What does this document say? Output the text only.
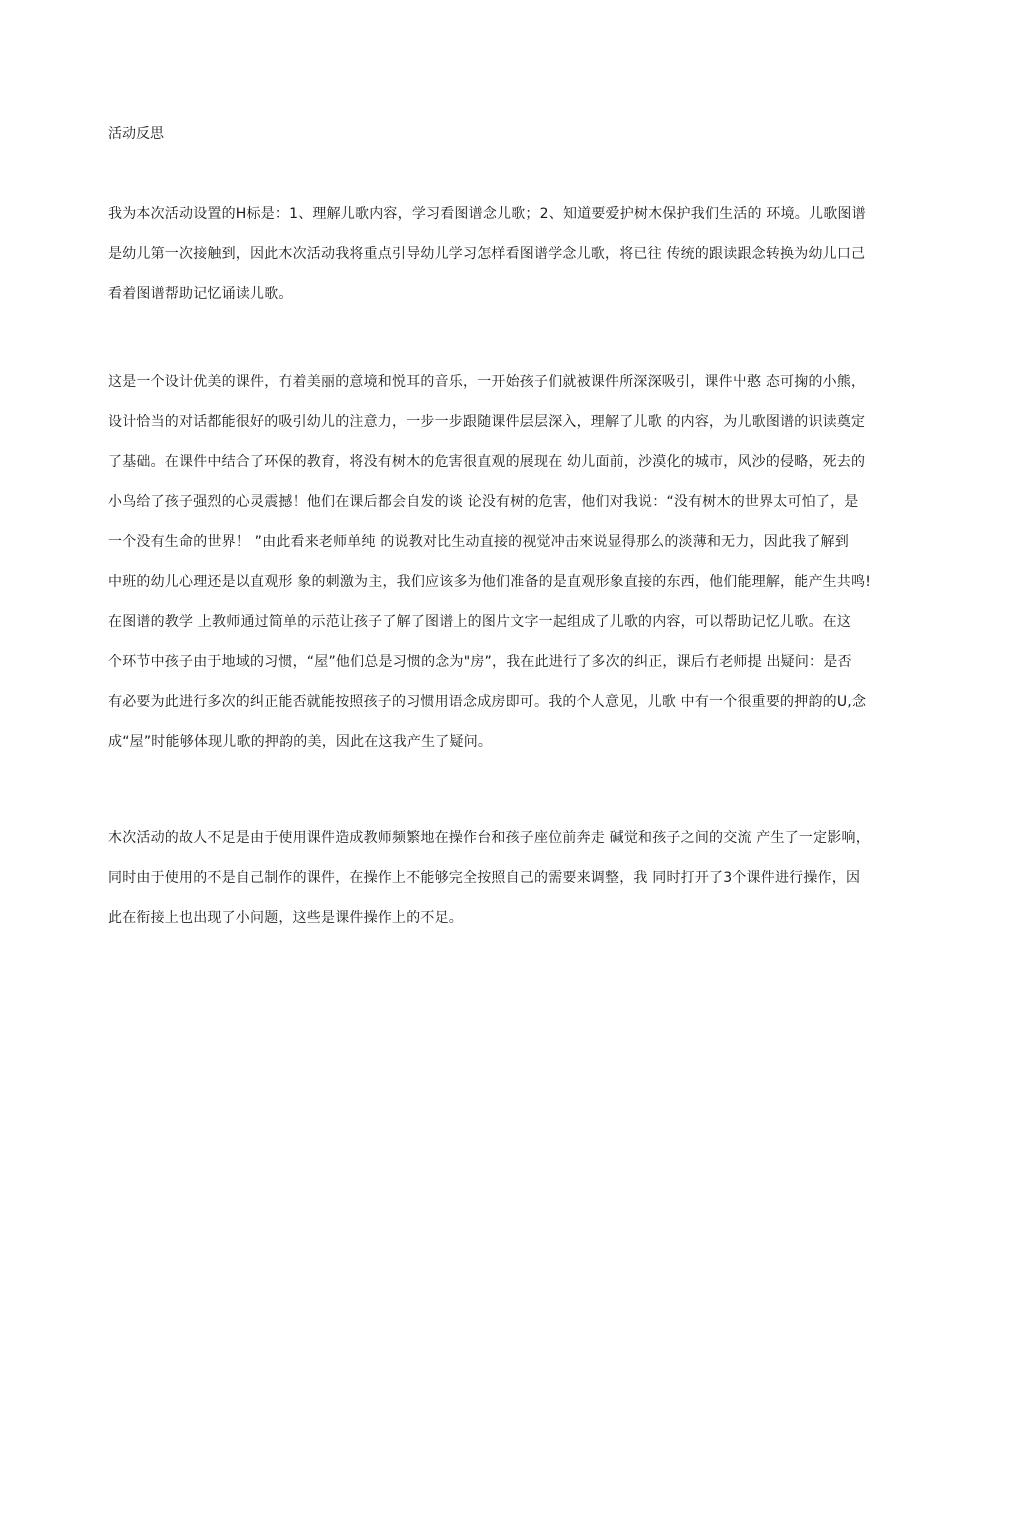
活动反思
我为本次活动设置的H标是：1、理解儿歌内容，学习看图谱念儿歌；2、知道要爱护树木保护我们生活的 环境。儿歌图谱
是幼儿第一次接触到，因此木次活动我将重点引导幼儿学习怎样看图谱学念儿歌，将已往 传统的跟读跟念转换为幼儿口己
看着图谱帮助记忆诵读儿歌。
这是一个设计优美的课件，冇着美丽的意境和悦耳的音乐，一开始孩子们就被课件所深深吸引，课件屮憨 态可掬的小熊，
设计恰当的对话都能很好的吸引幼儿的注意力，一步一步跟随课件层层深入，理解了儿歌 的内容，为儿歌图谱的识读奠定
了基础。在课件中结合了环保的教育，将没有树木的危害很直观的展现在 幼儿面前，沙漠化的城市，风沙的侵略，死去的
小鸟给了孩子强烈的心灵震撼！他们在课后都会自发的谈 论没有树的危害，他们对我说：“没有树木的世界太可怕了，是
一个没有生命的世界！ ”由此看来老师单纯 的说教对比生动直接的视觉冲击來说显得那么的淡薄和无力，因此我了解到
中班的幼儿心理还是以直观形 象的刺激为主，我们应该多为他们准备的是直观形象直接的东西，他们能理解，能产生共鸣!
在图谱的教学 上教师通过简单的示范让孩子了解了图谱上的图片文字一起组成了儿歌的内容，可以帮助记忆儿歌。在这
个环节中孩子由于地域的习惯，“屋”他们总是习惯的念为"房”，我在此进行了多次的纠正，课后冇老师提 出疑问：是否
有必要为此进行多次的纠正能否就能按照孩子的习惯用语念成房即可。我的个人意见，儿歌 中有一个很重要的押韵的U,念
成“屋”时能够体现儿歌的押韵的美，因此在这我产生了疑问。
木次活动的故人不足是由于使用课件造成教师频繁地在操作台和孩子座位前奔走 碱觉和孩子之间的交流 产生了一定影响，
同时由于使用的不是自己制作的课件，在操作上不能够完全按照自己的需要来调整，我 同时打开了3个课件进行操作，因
此在衔接上也出现了小问题，这些是课件操作上的不足。
